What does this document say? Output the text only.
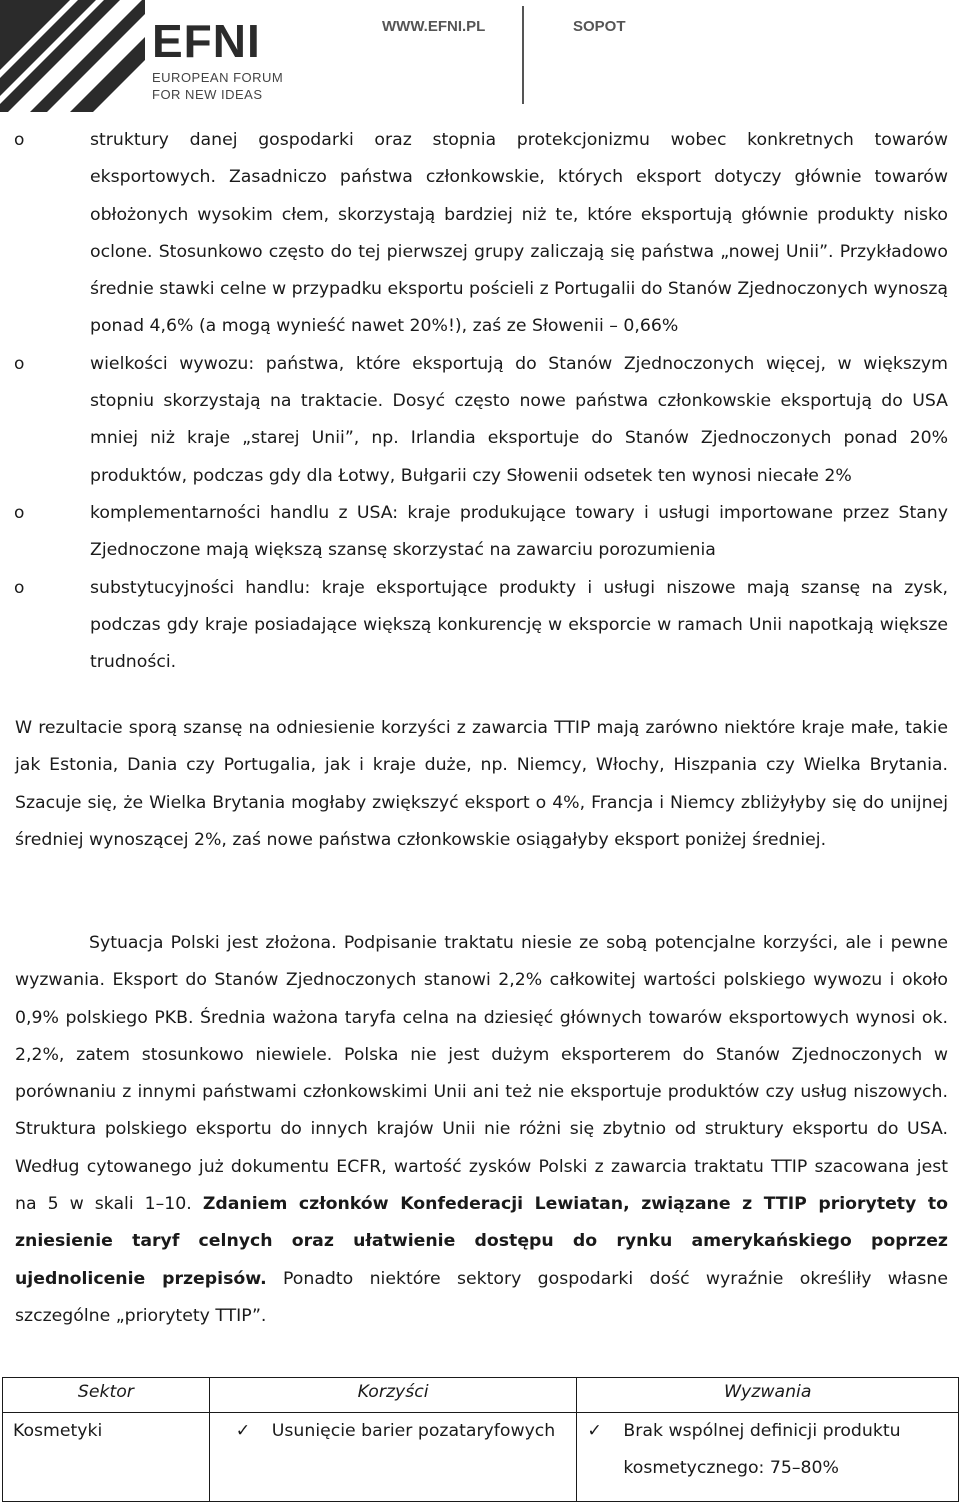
EFNI
EUROPEAN FORUM
FOR NEW IDEAS
WWW.EFNI.PL	SOPOT
o	struktury danej gospodarki oraz stopnia protekcjonizmu wobec konkretnych towarów eksportowych. Zasadniczo państwa członkowskie, których eksport dotyczy głównie towarów obłożonych wysokim cłem, skorzystają bardziej niż te, które eksportują głównie produkty nisko oclone. Stosunkowo często do tej pierwszej grupy zaliczają się państwa „nowej Unii”. Przykładowo średnie stawki celne w przypadku eksportu pościeli z Portugalii do Stanów Zjednoczonych wynoszą ponad 4,6% (a mogą wynieść nawet 20%!), zaś ze Słowenii – 0,66%

o	wielkości wywozu: państwa, które eksportują do Stanów Zjednoczonych więcej, w większym stopniu skorzystają na traktacie. Dosyć często nowe państwa członkowskie eksportują do USA mniej niż kraje „starej Unii”, np. Irlandia eksportuje do Stanów Zjednoczonych ponad 20% produktów, podczas gdy dla Łotwy, Bułgarii czy Słowenii odsetek ten wynosi niecałe 2%

o	komplementarności handlu z USA: kraje produkujące towary i usługi importowane przez Stany Zjednoczone mają większą szansę skorzystać na zawarciu porozumienia

o	substytucyjności handlu: kraje eksportujące produkty i usługi niszowe mają szansę na zysk, podczas gdy kraje posiadające większą konkurencję w eksporcie w ramach Unii napotkają większe trudności.

W rezultacie sporą szansę na odniesienie korzyści z zawarcia TTIP mają zarówno niektóre kraje małe, takie jak Estonia, Dania czy Portugalia, jak i kraje duże, np. Niemcy, Włochy, Hiszpania czy Wielka Brytania. Szacuje się, że Wielka Brytania mogłaby zwiększyć eksport o 4%, Francja i Niemcy zbliżyłyby się do unijnej średniej wynoszącej 2%, zaś nowe państwa członkowskie osiągałyby eksport poniżej średniej.

Sytuacja Polski jest złożona. Podpisanie traktatu niesie ze sobą potencjalne korzyści, ale i pewne wyzwania. Eksport do Stanów Zjednoczonych stanowi 2,2% całkowitej wartości polskiego wywozu i około 0,9% polskiego PKB. Średnia ważona taryfa celna na dziesięć głównych towarów eksportowych wynosi ok. 2,2%, zatem stosunkowo niewiele. Polska nie jest dużym eksporterem do Stanów Zjednoczonych w porównaniu z innymi państwami członkowskimi Unii ani też nie eksportuje produktów czy usług niszowych. Struktura polskiego eksportu do innych krajów Unii nie różni się zbytnio od struktury eksportu do USA. Według cytowanego już dokumentu ECFR, wartość zysków Polski z zawarcia traktatu TTIP szacowana jest na 5 w skali 1–10. Zdaniem członków Konfederacji Lewiatan, związane z TTIP priorytety to zniesienie taryf celnych oraz ułatwienie dostępu do rynku amerykańskiego poprzez ujednolicenie przepisów. Ponadto niektóre sektory gospodarki dość wyraźnie określiły własne szczególne „priorytety TTIP”.

Sektor	Korzyści	Wyzwania
Kosmetyki	✓ Usunięcie barier pozataryfowych	✓ Brak wspólnej definicji produktu kosmetycznego: 75–80%
